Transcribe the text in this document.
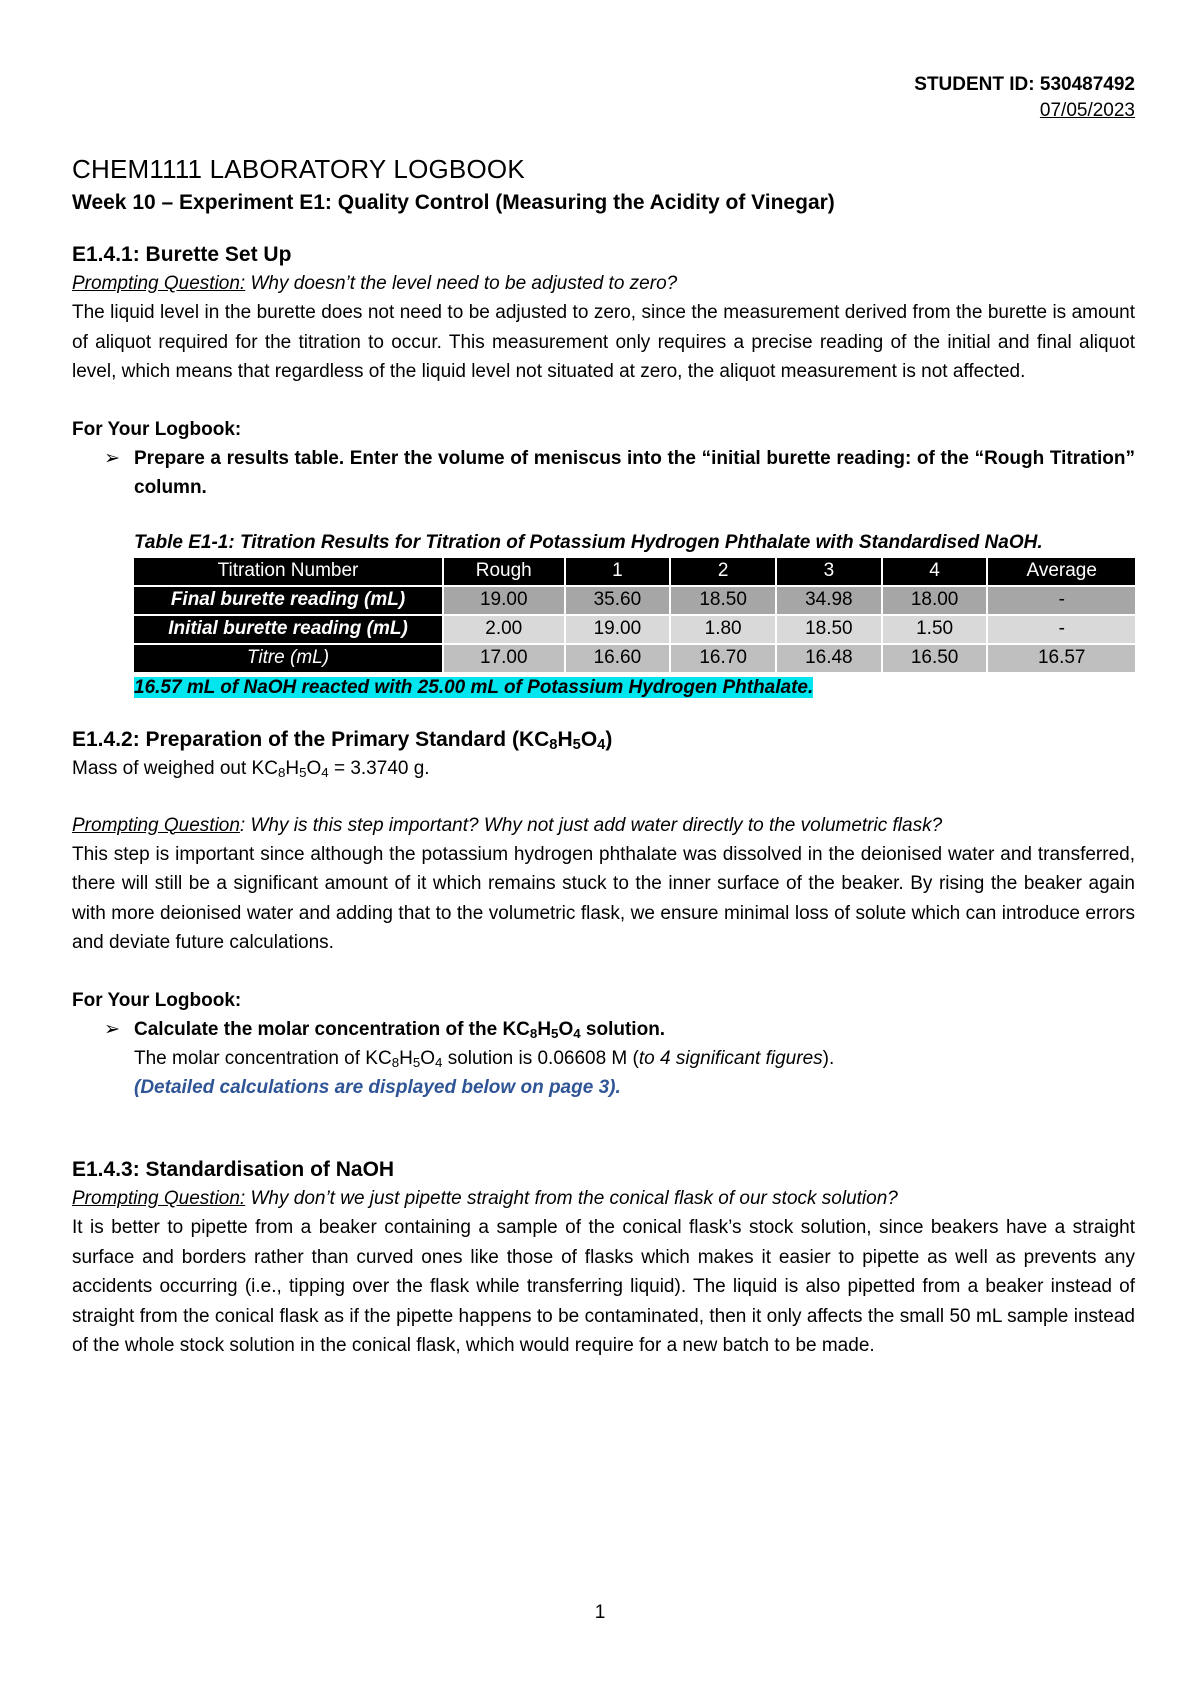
STUDENT ID: 530487492
07/05/2023
CHEM1111 LABORATORY LOGBOOK
Week 10 – Experiment E1: Quality Control (Measuring the Acidity of Vinegar)
E1.4.1: Burette Set Up
Prompting Question: Why doesn’t the level need to be adjusted to zero?

The liquid level in the burette does not need to be adjusted to zero, since the measurement derived from the burette is amount of aliquot required for the titration to occur. This measurement only requires a precise reading of the initial and final aliquot level, which means that regardless of the liquid level not situated at zero, the aliquot measurement is not affected.

For Your Logbook:
➢ Prepare a results table. Enter the volume of meniscus into the “initial burette reading: of the “Rough Titration” column.
Table E1-1: Titration Results for Titration of Potassium Hydrogen Phthalate with Standardised NaOH.
Titration Number	Rough	1	2	3	4	Average
Final burette reading (mL)	19.00	35.60	18.50	34.98	18.00	-
Initial burette reading (mL)	2.00	19.00	1.80	18.50	1.50	-
Titre (mL)	17.00	16.60	16.70	16.48	16.50	16.57
16.57 mL of NaOH reacted with 25.00 mL of Potassium Hydrogen Phthalate.
E1.4.2: Preparation of the Primary Standard $(KC_8H_5O_4)$
Mass of weighed out $KC_8H_5O_4 = 3.3740$ g.
Prompting Question: Why is this step important? Why not just add water directly to the volumetric flask?

This step is important since although the potassium hydrogen phthalate was dissolved in the deionised water and transferred, there will still be a significant amount of it which remains stuck to the inner surface of the beaker. By rising the beaker again with more deionised water and adding that to the volumetric flask, we ensure minimal loss of solute which can introduce errors and deviate future calculations.

For Your Logbook:
➢ Calculate the molar concentration of the $KC_8H_5O_4$ solution.
The molar concentration of $KC_8H_5O_4$ solution is 0.06608 M (to 4 significant figures).
(Detailed calculations are displayed below on page 3).
E1.4.3: Standardisation of NaOH
Prompting Question: Why don’t we just pipette straight from the conical flask of our stock solution?

It is better to pipette from a beaker containing a sample of the conical flask’s stock solution, since beakers have a straight surface and borders rather than curved ones like those of flasks which makes it easier to pipette as well as prevents any accidents occurring (i.e., tipping over the flask while transferring liquid). The liquid is also pipetted from a beaker instead of straight from the conical flask as if the pipette happens to be contaminated, then it only affects the small 50 mL sample instead of the whole stock solution in the conical flask, which would require for a new batch to be made.

1
